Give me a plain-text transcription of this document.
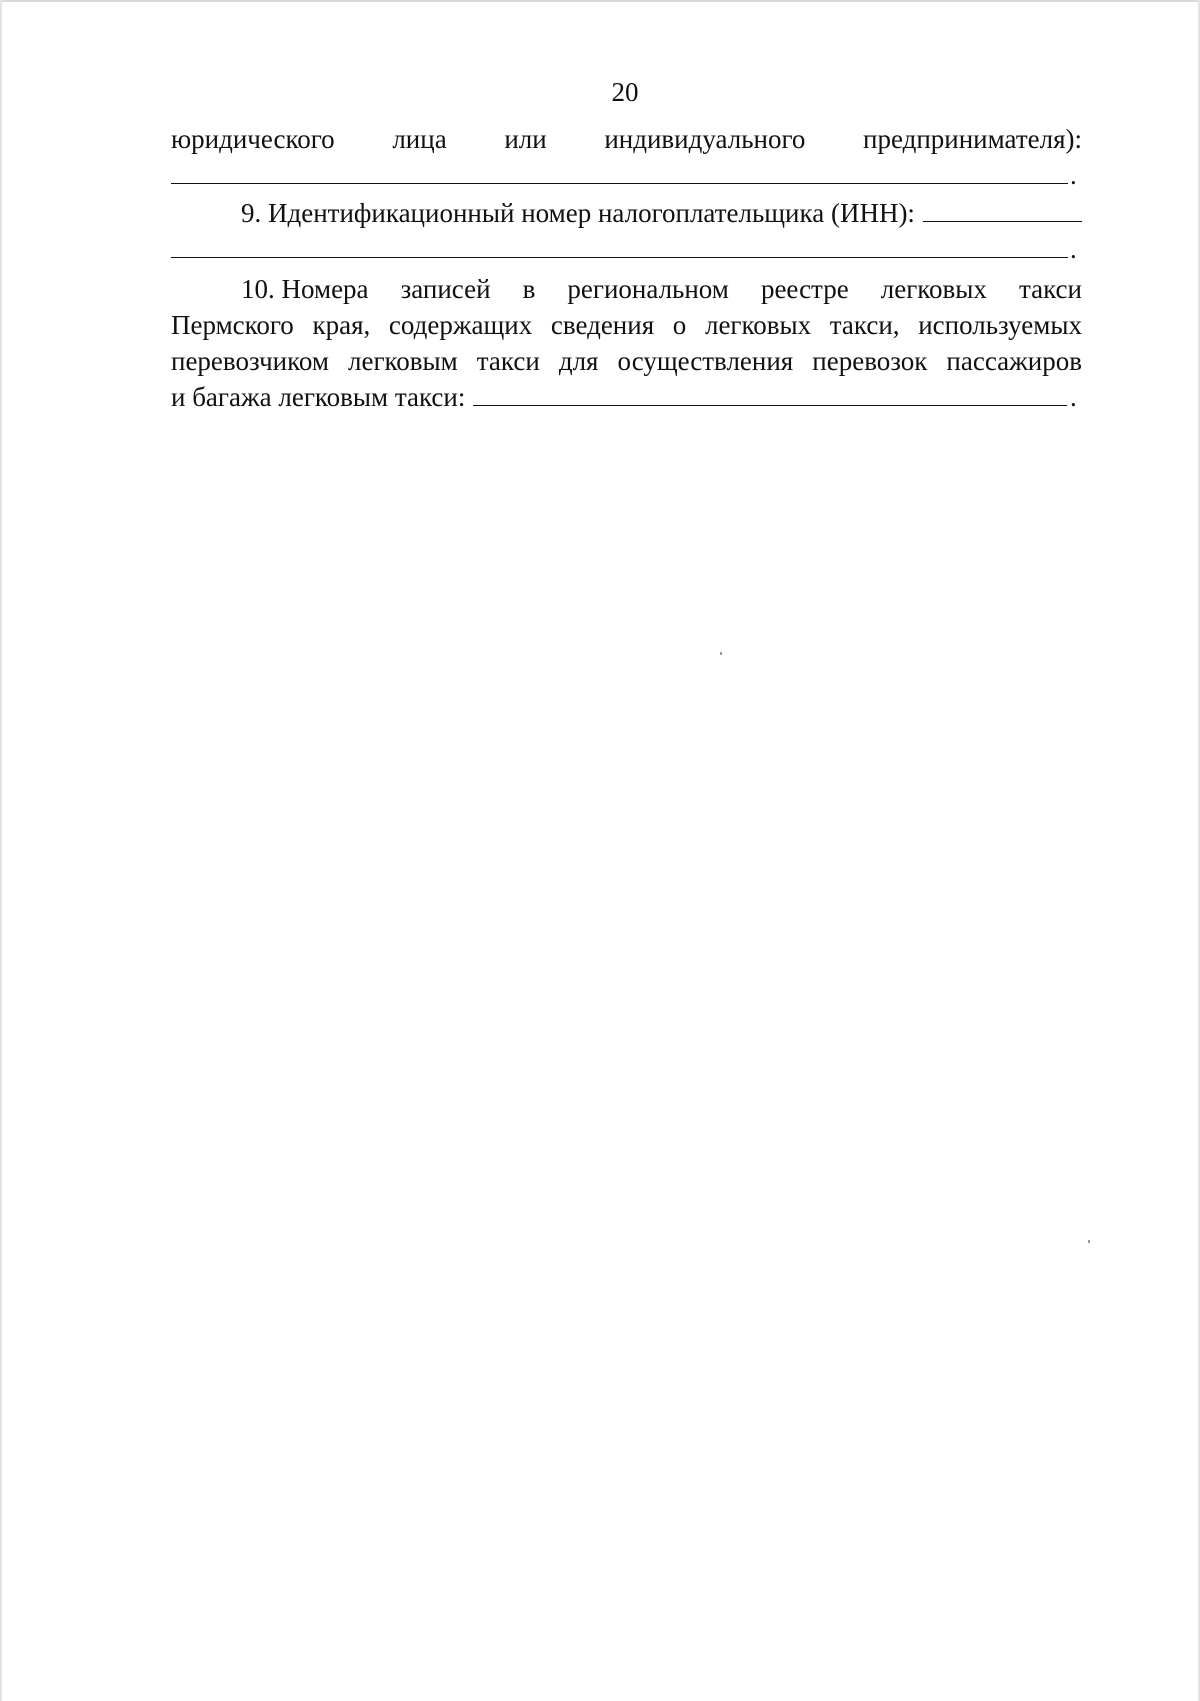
20
юридического лица или индивидуального предпринимателя):
.
9. Идентификационный номер налогоплательщика (ИНН):
.
10. Номера записей в региональном реестре легковых такси
Пермского края, содержащих сведения о легковых такси, используемых
перевозчиком легковым такси для осуществления перевозок пассажиров
и багажа легковым такси:	.
